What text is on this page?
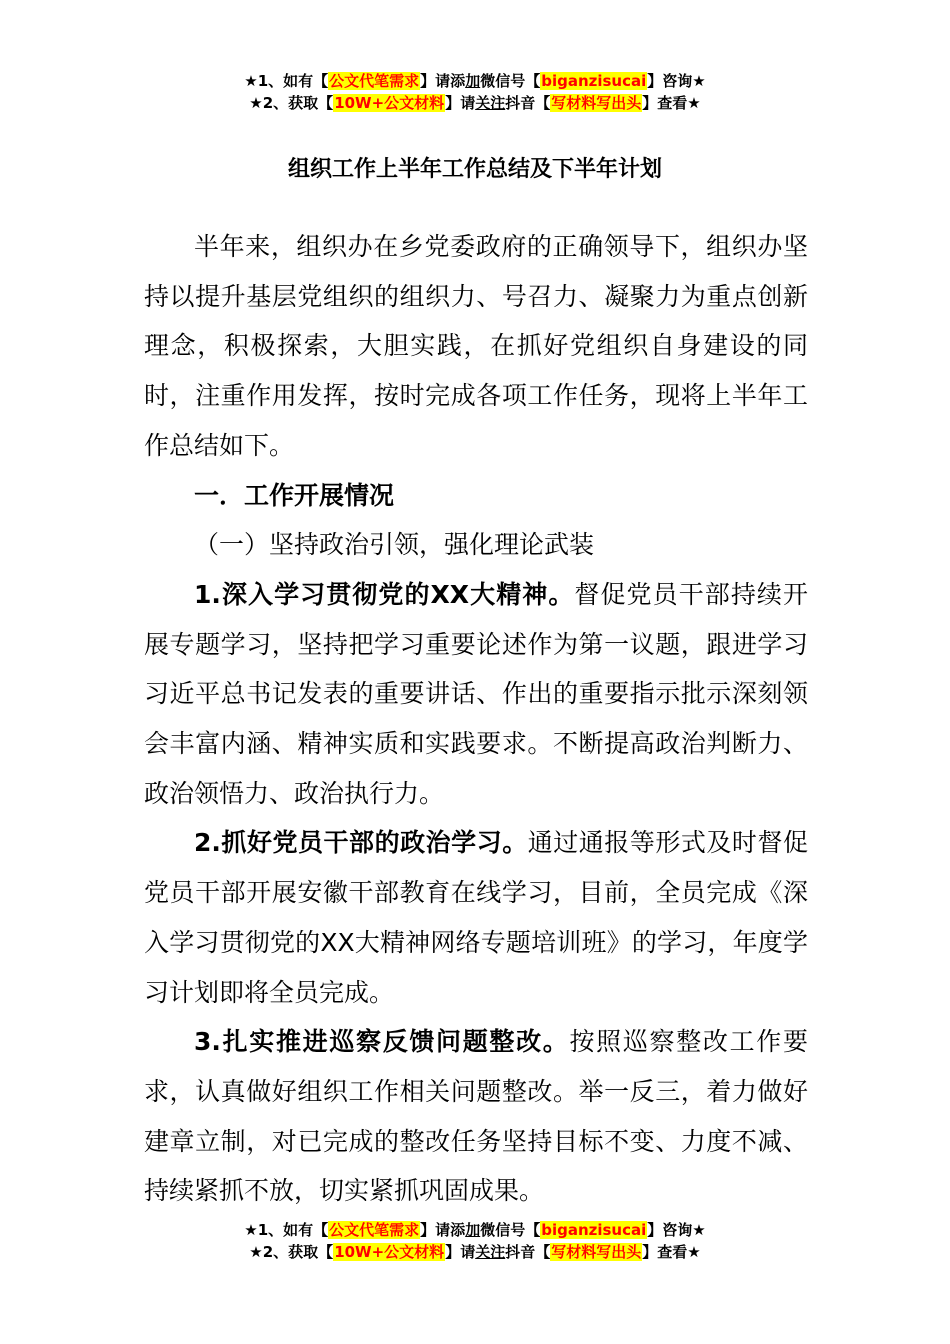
★1、如有【公文代笔需求】请添加微信号【biganzisucai】咨询★
★2、获取【10W+公文材料】请关注抖音【写材料写出头】查看★
组织工作上半年工作总结及下半年计划

半年来，组织办在乡党委政府的正确领导下，组织办坚持以提升基层党组织的组织力、号召力、凝聚力为重点创新理念，积极探索，大胆实践，在抓好党组织自身建设的同时，注重作用发挥，按时完成各项工作任务，现将上半年工作总结如下。

一．工作开展情况

（一）坚持政治引领，强化理论武装

1.深入学习贯彻党的XX大精神。督促党员干部持续开展专题学习，坚持把学习重要论述作为第一议题，跟进学习习近平总书记发表的重要讲话、作出的重要指示批示深刻领会丰富内涵、精神实质和实践要求。不断提高政治判断力、政治领悟力、政治执行力。

2.抓好党员干部的政治学习。通过通报等形式及时督促党员干部开展安徽干部教育在线学习，目前，全员完成《深入学习贯彻党的XX大精神网络专题培训班》的学习，年度学习计划即将全员完成。

3.扎实推进巡察反馈问题整改。按照巡察整改工作要求，认真做好组织工作相关问题整改。举一反三，着力做好建章立制，对已完成的整改任务坚持目标不变、力度不减、持续紧抓不放，切实紧抓巩固成果。

★1、如有【公文代笔需求】请添加微信号【biganzisucai】咨询★
★2、获取【10W+公文材料】请关注抖音【写材料写出头】查看★
